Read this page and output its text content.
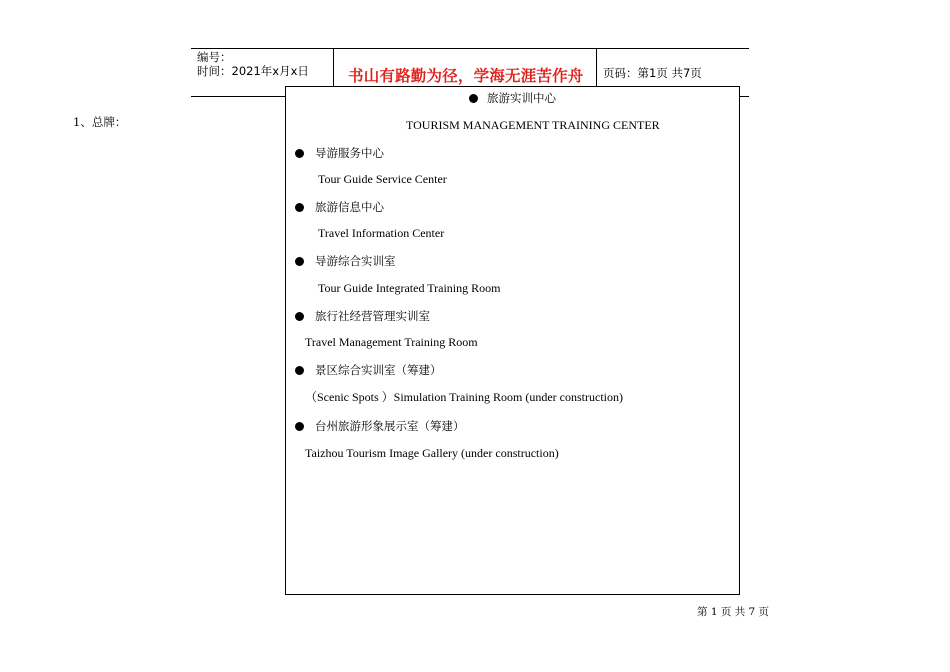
编号：
时间：2021年x月x日	书山有路勤为径，学海无涯苦作舟 页码：第1页 共7页
1、总牌：
旅游实训中心
TOURISM MANAGEMENT TRAINING CENTER
导游服务中心
Tour Guide Service Center
旅游信息中心
Travel Information Center
导游综合实训室
Tour Guide Integrated Training Room
旅行社经营管理实训室
Travel Management Training Room
景区综合实训室（筹建）
（Scenic Spots ）Simulation Training Room (under construction)
台州旅游形象展示室（筹建）
Taizhou Tourism Image Gallery (under construction)
第 1 页 共 7 页
